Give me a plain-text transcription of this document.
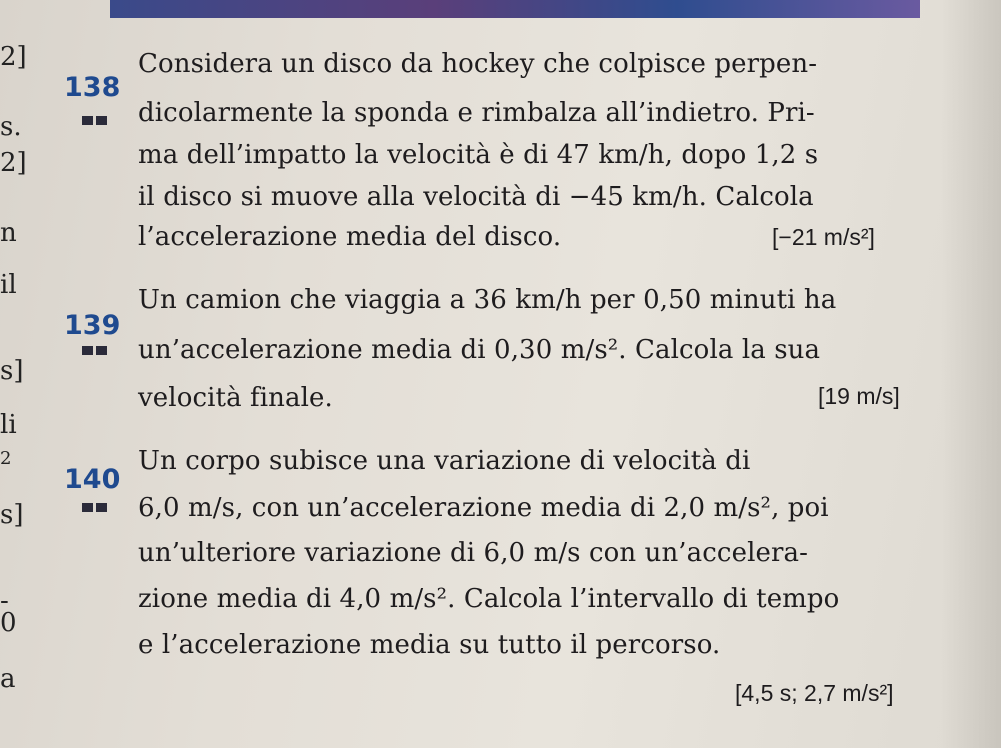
2]
s.
2]
n
il
s]
li
2
s]
-
0
a
138
Considera un disco da hockey che colpisce perpen-
dicolarmente la sponda e rimbalza all’indietro. Pri-
ma dell’impatto la velocità è di 47 km/h, dopo 1,2 s
il disco si muove alla velocità di −45 km/h. Calcola
l’accelerazione media del disco.	[−21 m/s²]
139
Un camion che viaggia a 36 km/h per 0,50 minuti ha
un’accelerazione media di 0,30 m/s². Calcola la sua
velocità finale.	[19 m/s]
140
Un corpo subisce una variazione di velocità di
6,0 m/s, con un’accelerazione media di 2,0 m/s², poi
un’ulteriore variazione di 6,0 m/s con un’accelera-
zione media di 4,0 m/s². Calcola l’intervallo di tempo
e l’accelerazione media su tutto il percorso.
[4,5 s; 2,7 m/s²]
